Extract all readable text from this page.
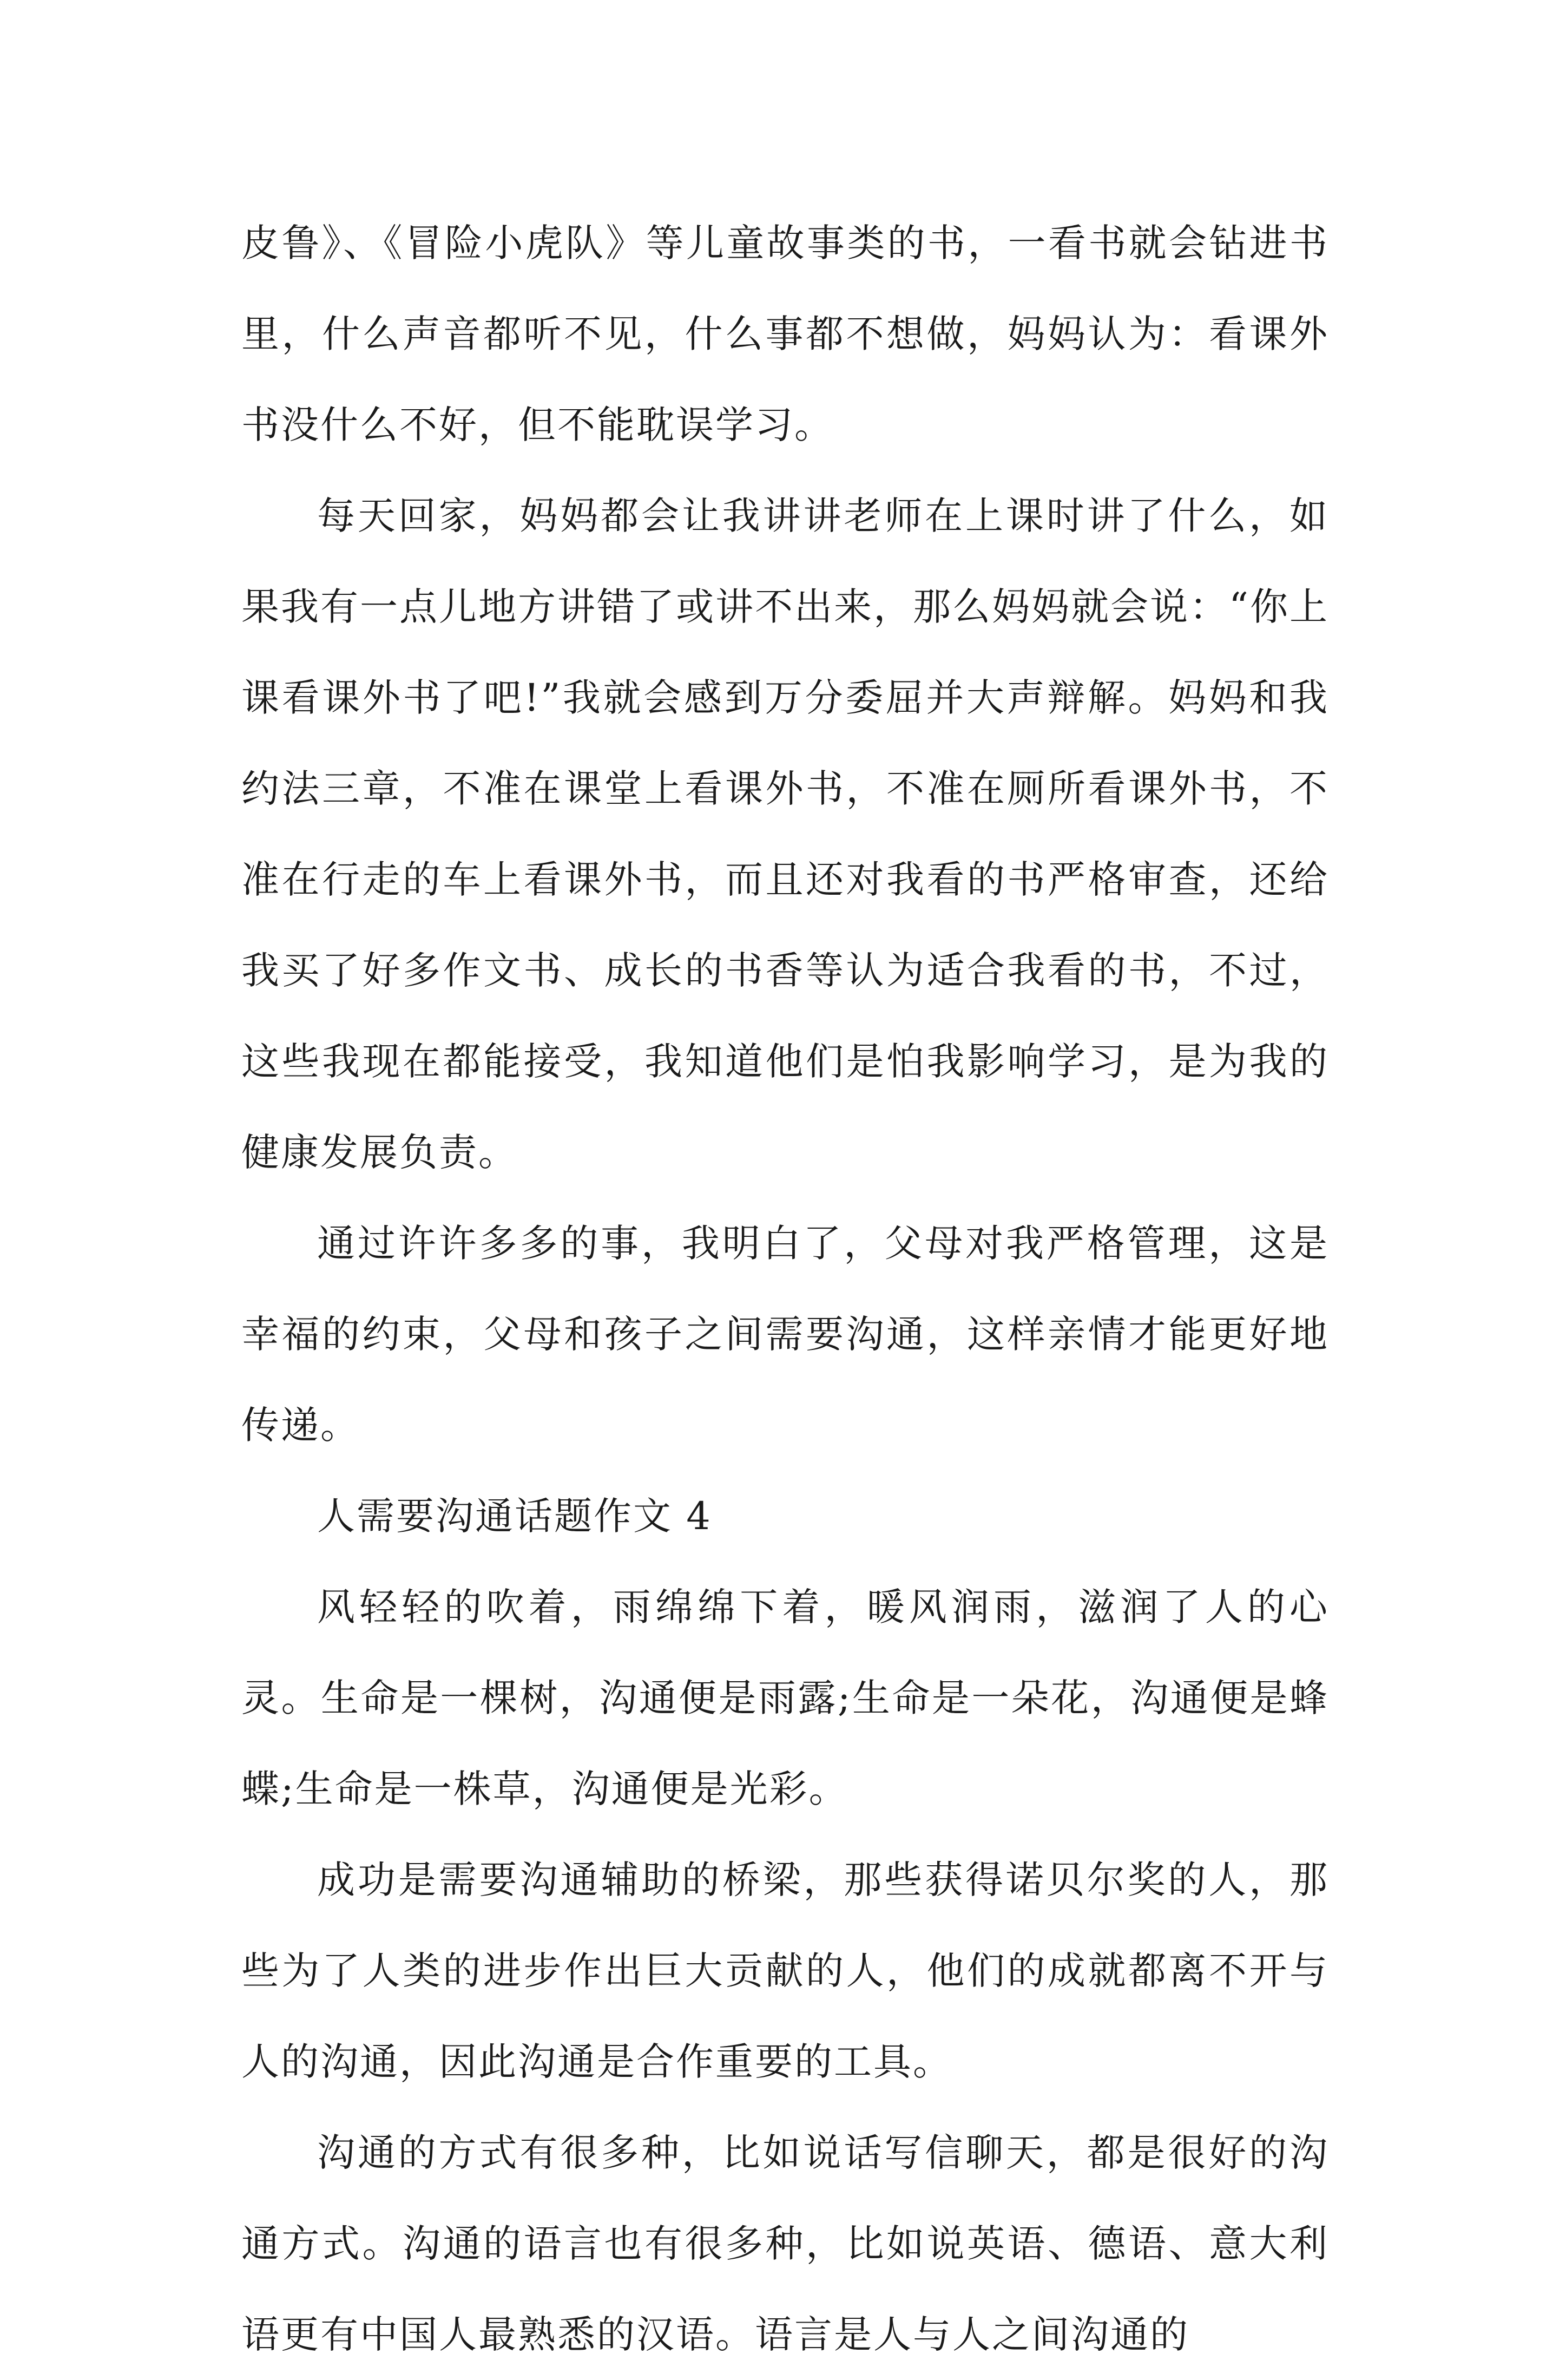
皮鲁》、《冒险小虎队》等儿童故事类的书，一看书就会钻进书里，什么声音都听不见，什么事都不想做，妈妈认为：看课外书没什么不好，但不能耽误学习。

每天回家，妈妈都会让我讲讲老师在上课时讲了什么，如果我有一点儿地方讲错了或讲不出来，那么妈妈就会说：“你上课看课外书了吧!”我就会感到万分委屈并大声辩解。妈妈和我约法三章，不准在课堂上看课外书，不准在厕所看课外书，不准在行走的车上看课外书，而且还对我看的书严格审查，还给我买了好多作文书、成长的书香等认为适合我看的书，不过，这些我现在都能接受，我知道他们是怕我影响学习，是为我的健康发展负责。

通过许许多多的事，我明白了，父母对我严格管理，这是幸福的约束，父母和孩子之间需要沟通，这样亲情才能更好地传递。

人需要沟通话题作文 4

风轻轻的吹着，雨绵绵下着，暖风润雨，滋润了人的心灵。生命是一棵树，沟通便是雨露;生命是一朵花，沟通便是蜂蝶;生命是一株草，沟通便是光彩。

成功是需要沟通辅助的桥梁，那些获得诺贝尔奖的人，那些为了人类的进步作出巨大贡献的人，他们的成就都离不开与人的沟通，因此沟通是合作重要的工具。

沟通的方式有很多种，比如说话写信聊天，都是很好的沟通方式。沟通的语言也有很多种，比如说英语、德语、意大利语更有中国人最熟悉的汉语。语言是人与人之间沟通的
